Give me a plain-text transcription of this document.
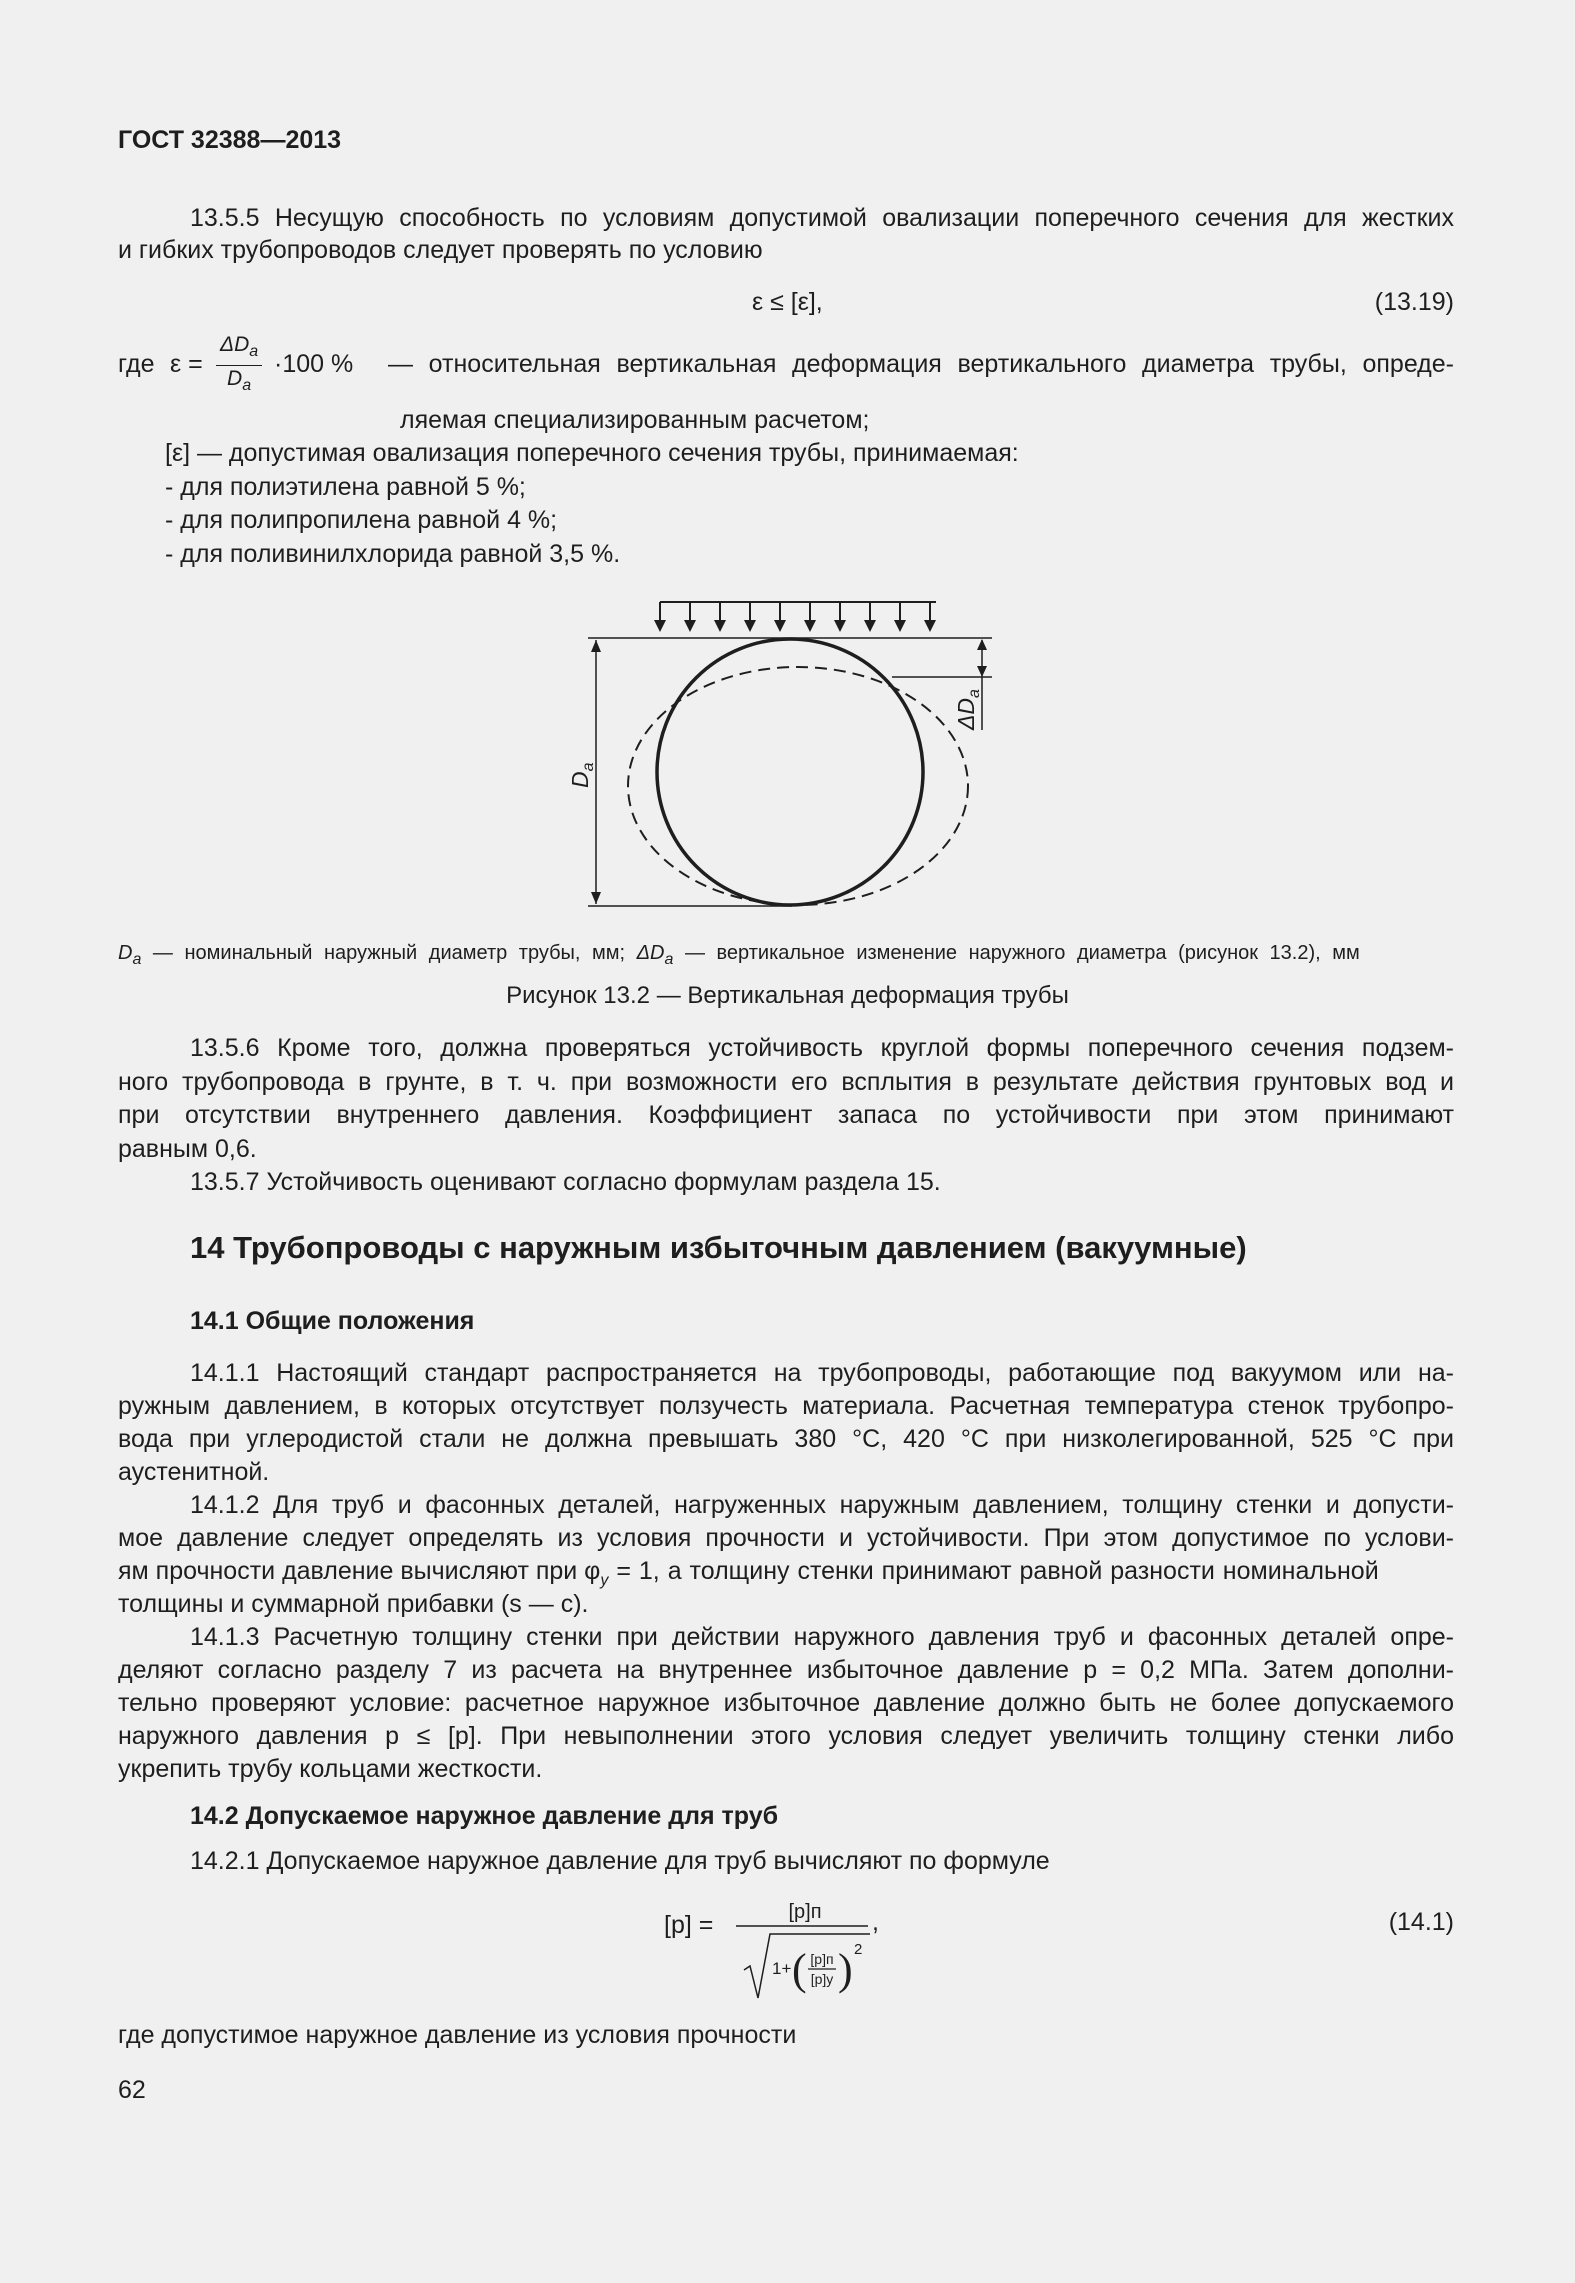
ГОСТ 32388—2013
13.5.5 Несущую способность по условиям допустимой овализации поперечного сечения для жестких
и гибких трубопроводов следует проверять по условию
ε ≤ [ε],	(13.19)
где $\varepsilon = \frac{\Delta D_a}{D_a} \cdot 100$ % — относительная вертикальная деформация вертикального диаметра трубы, опреде-
ляемая специализированным расчетом;
[ε] — допустимая овализация поперечного сечения трубы, принимаемая:
- для полиэтилена равной 5 %;
- для полипропилена равной 4 %;
- для поливинилхлорида равной 3,5 %.
$D_a$
$\Delta D_a$
$D_a$ — номинальный наружный диаметр трубы, мм; $\Delta D_a$ — вертикальное изменение наружного диаметра (рисунок 13.2), мм
Рисунок 13.2 — Вертикальная деформация трубы
13.5.6 Кроме того, должна проверяться устойчивость круглой формы поперечного сечения подзем-
ного трубопровода в грунте, в т. ч. при возможности его всплытия в результате действия грунтовых вод и
при отсутствии внутреннего давления. Коэффициент запаса по устойчивости при этом принимают
равным 0,6.
13.5.7 Устойчивость оценивают согласно формулам раздела 15.
14 Трубопроводы с наружным избыточным давлением (вакуумные)
14.1 Общие положения
14.1.1 Настоящий стандарт распространяется на трубопроводы, работающие под вакуумом или на-
ружным давлением, в которых отсутствует ползучесть материала. Расчетная температура стенок трубопро-
вода при углеродистой стали не должна превышать 380 °С, 420 °С при низколегированной, 525 °С при
аустенитной.
14.1.2 Для труб и фасонных деталей, нагруженных наружным давлением, толщину стенки и допусти-
мое давление следует определять из условия прочности и устойчивости. При этом допустимое по услови-
ям прочности давление вычисляют при $\varphi_y = 1$, а толщину стенки принимают равной разности номинальной
толщины и суммарной прибавки (s — c).
14.1.3 Расчетную толщину стенки при действии наружного давления труб и фасонных деталей опре-
деляют согласно разделу 7 из расчета на внутреннее избыточное давление p = 0,2 МПа. Затем дополни-
тельно проверяют условие: расчетное наружное избыточное давление должно быть не более допускаемого
наружного давления p ≤ [p]. При невыполнении этого условия следует увеличить толщину стенки либо
укрепить трубу кольцами жесткости.
14.2 Допускаемое наружное давление для труб
14.2.1 Допускаемое наружное давление для труб вычисляют по формуле
[p] =	[p]п
1+ ( [p]п
[p]у ) 2
,	(14.1)
где допустимое наружное давление из условия прочности
62
